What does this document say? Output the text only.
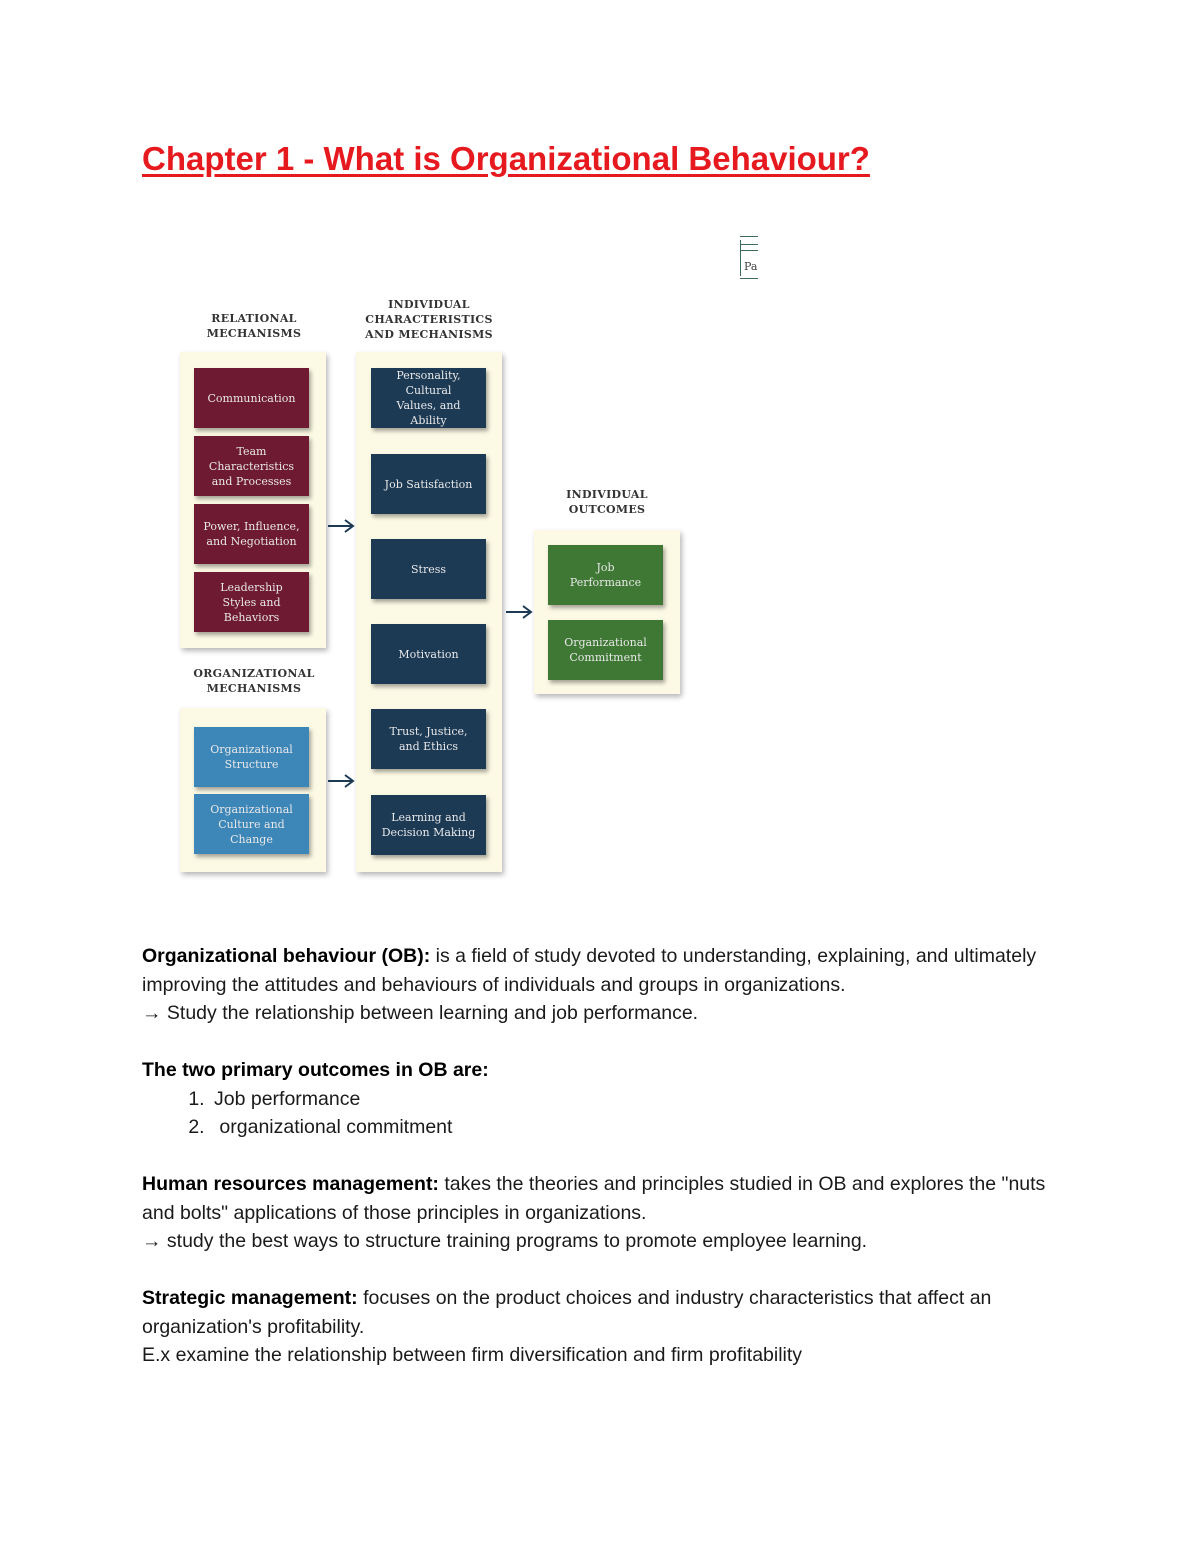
Chapter 1 - What is Organizational Behaviour?
Pa
RELATIONAL
MECHANISMS
INDIVIDUAL
CHARACTERISTICS
AND MECHANISMS
INDIVIDUAL
OUTCOMES
ORGANIZATIONAL
MECHANISMS
Communication
Team
Characteristics
and Processes
Power, Influence,
and Negotiation
Leadership
Styles and
Behaviors
Personality, Cultural
Values, and Ability
Job Satisfaction
Stress
Motivation
Trust, Justice,
and Ethics
Learning and
Decision Making
Job
Performance
Organizational
Commitment
Organizational
Structure
Organizational
Culture and
Change

Organizational behaviour (OB): is a field of study devoted to understanding, explaining, and ultimately improving the attitudes and behaviours of individuals and groups in organizations.

→ Study the relationship between learning and job performance.

The two primary outcomes in OB are:

1. Job performance
2.  organizational commitment

Human resources management: takes the theories and principles studied in OB and explores the "nuts and bolts" applications of those principles in organizations.

→ study the best ways to structure training programs to promote employee learning.

Strategic management: focuses on the product choices and industry characteristics that affect an organization's profitability.

E.x examine the relationship between firm diversification and firm profitability
